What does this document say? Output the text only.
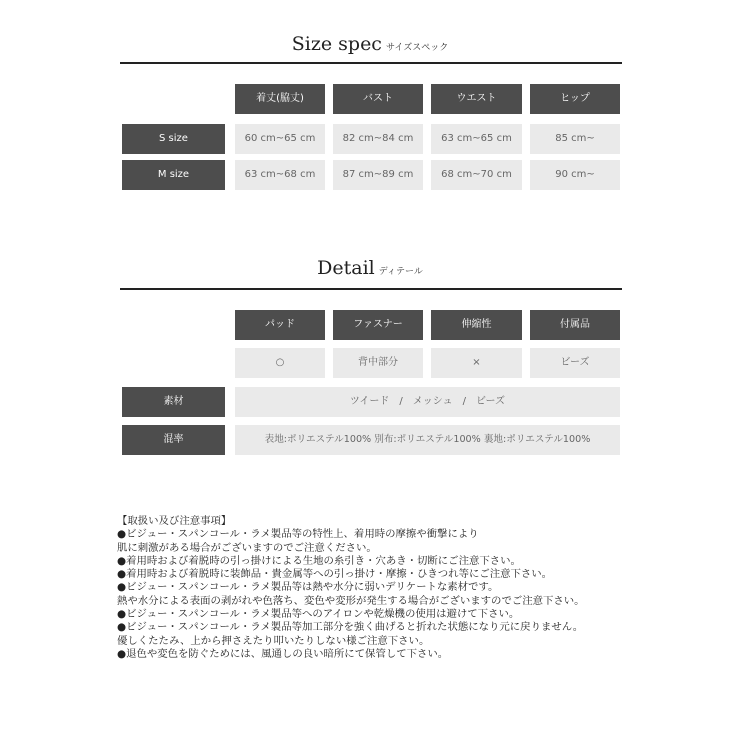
Size spec サイズスペック
着丈(脇丈)	バスト	ウエスト	ヒップ
S size	60 cm~65 cm	82 cm~84 cm	63 cm~65 cm	85 cm~
M size	63 cm~68 cm	87 cm~89 cm	68 cm~70 cm	90 cm~
Detail ディテール
パッド	ファスナー	伸縮性	付属品
○	背中部分	×	ビーズ
素材	ツイード　/　メッシュ　/　ビーズ
混率	表地:ポリエステル100% 別布:ポリエステル100% 裏地:ポリエステル100%
【取扱い及び注意事項】
●ビジュー・スパンコール・ラメ製品等の特性上、着用時の摩擦や衝撃により
肌に刺激がある場合がございますのでご注意ください。
●着用時および着脱時の引っ掛けによる生地の糸引き・穴あき・切断にご注意下さい。
●着用時および着脱時に装飾品・貴金属等への引っ掛け・摩擦・ひきつれ等にご注意下さい。
●ビジュー・スパンコール・ラメ製品等は熱や水分に弱いデリケートな素材です。
熱や水分による表面の剥がれや色落ち、変色や変形が発生する場合がございますのでご注意下さい。
●ビジュー・スパンコール・ラメ製品等へのアイロンや乾燥機の使用は避けて下さい。
●ビジュー・スパンコール・ラメ製品等加工部分を強く曲げると折れた状態になり元に戻りません。
優しくたたみ、上から押さえたり叩いたりしない様ご注意下さい。
●退色や変色を防ぐためには、風通しの良い暗所にて保管して下さい。
